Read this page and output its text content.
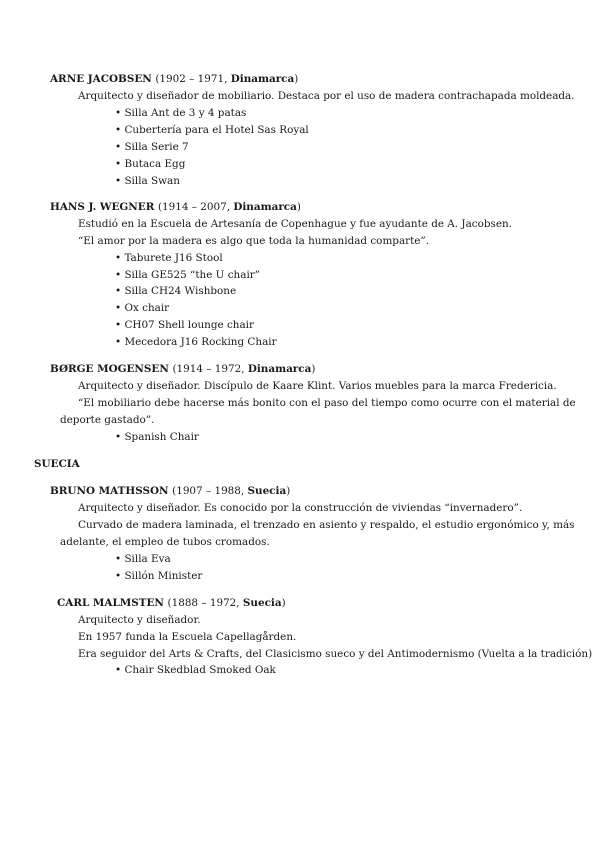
ARNE JACOBSEN (1902 – 1971, Dinamarca)
Arquitecto y diseñador de mobiliario. Destaca por el uso de madera contrachapada moldeada.
• Silla Ant de 3 y 4 patas
• Cubertería para el Hotel Sas Royal
• Silla Serie 7
• Butaca Egg
• Silla Swan
HANS J. WEGNER (1914 – 2007, Dinamarca)
Estudió en la Escuela de Artesanía de Copenhague y fue ayudante de A. Jacobsen.
“El amor por la madera es algo que toda la humanidad comparte”.
• Taburete J16 Stool
• Silla GE525 “the U chair”
• Silla CH24 Wishbone
• Ox chair
• CH07 Shell lounge chair
• Mecedora J16 Rocking Chair
BØRGE MOGENSEN (1914 – 1972, Dinamarca)
Arquitecto y diseñador. Discípulo de Kaare Klint. Varios muebles para la marca Fredericia.
“El mobiliario debe hacerse más bonito con el paso del tiempo como ocurre con el material de
deporte gastado”.
• Spanish Chair
SUECIA
BRUNO MATHSSON (1907 – 1988, Suecia)
Arquitecto y diseñador. Es conocido por la construcción de viviendas “invernadero”.
Curvado de madera laminada, el trenzado en asiento y respaldo, el estudio ergonómico y, más
adelante, el empleo de tubos cromados.
• Silla Eva
• Sillón Minister
CARL MALMSTEN (1888 – 1972, Suecia)
Arquitecto y diseñador.
En 1957 funda la Escuela Capellagården.
Era seguidor del Arts & Crafts, del Clasicismo sueco y del Antimodernismo (Vuelta a la tradición)
• Chair Skedblad Smoked Oak
